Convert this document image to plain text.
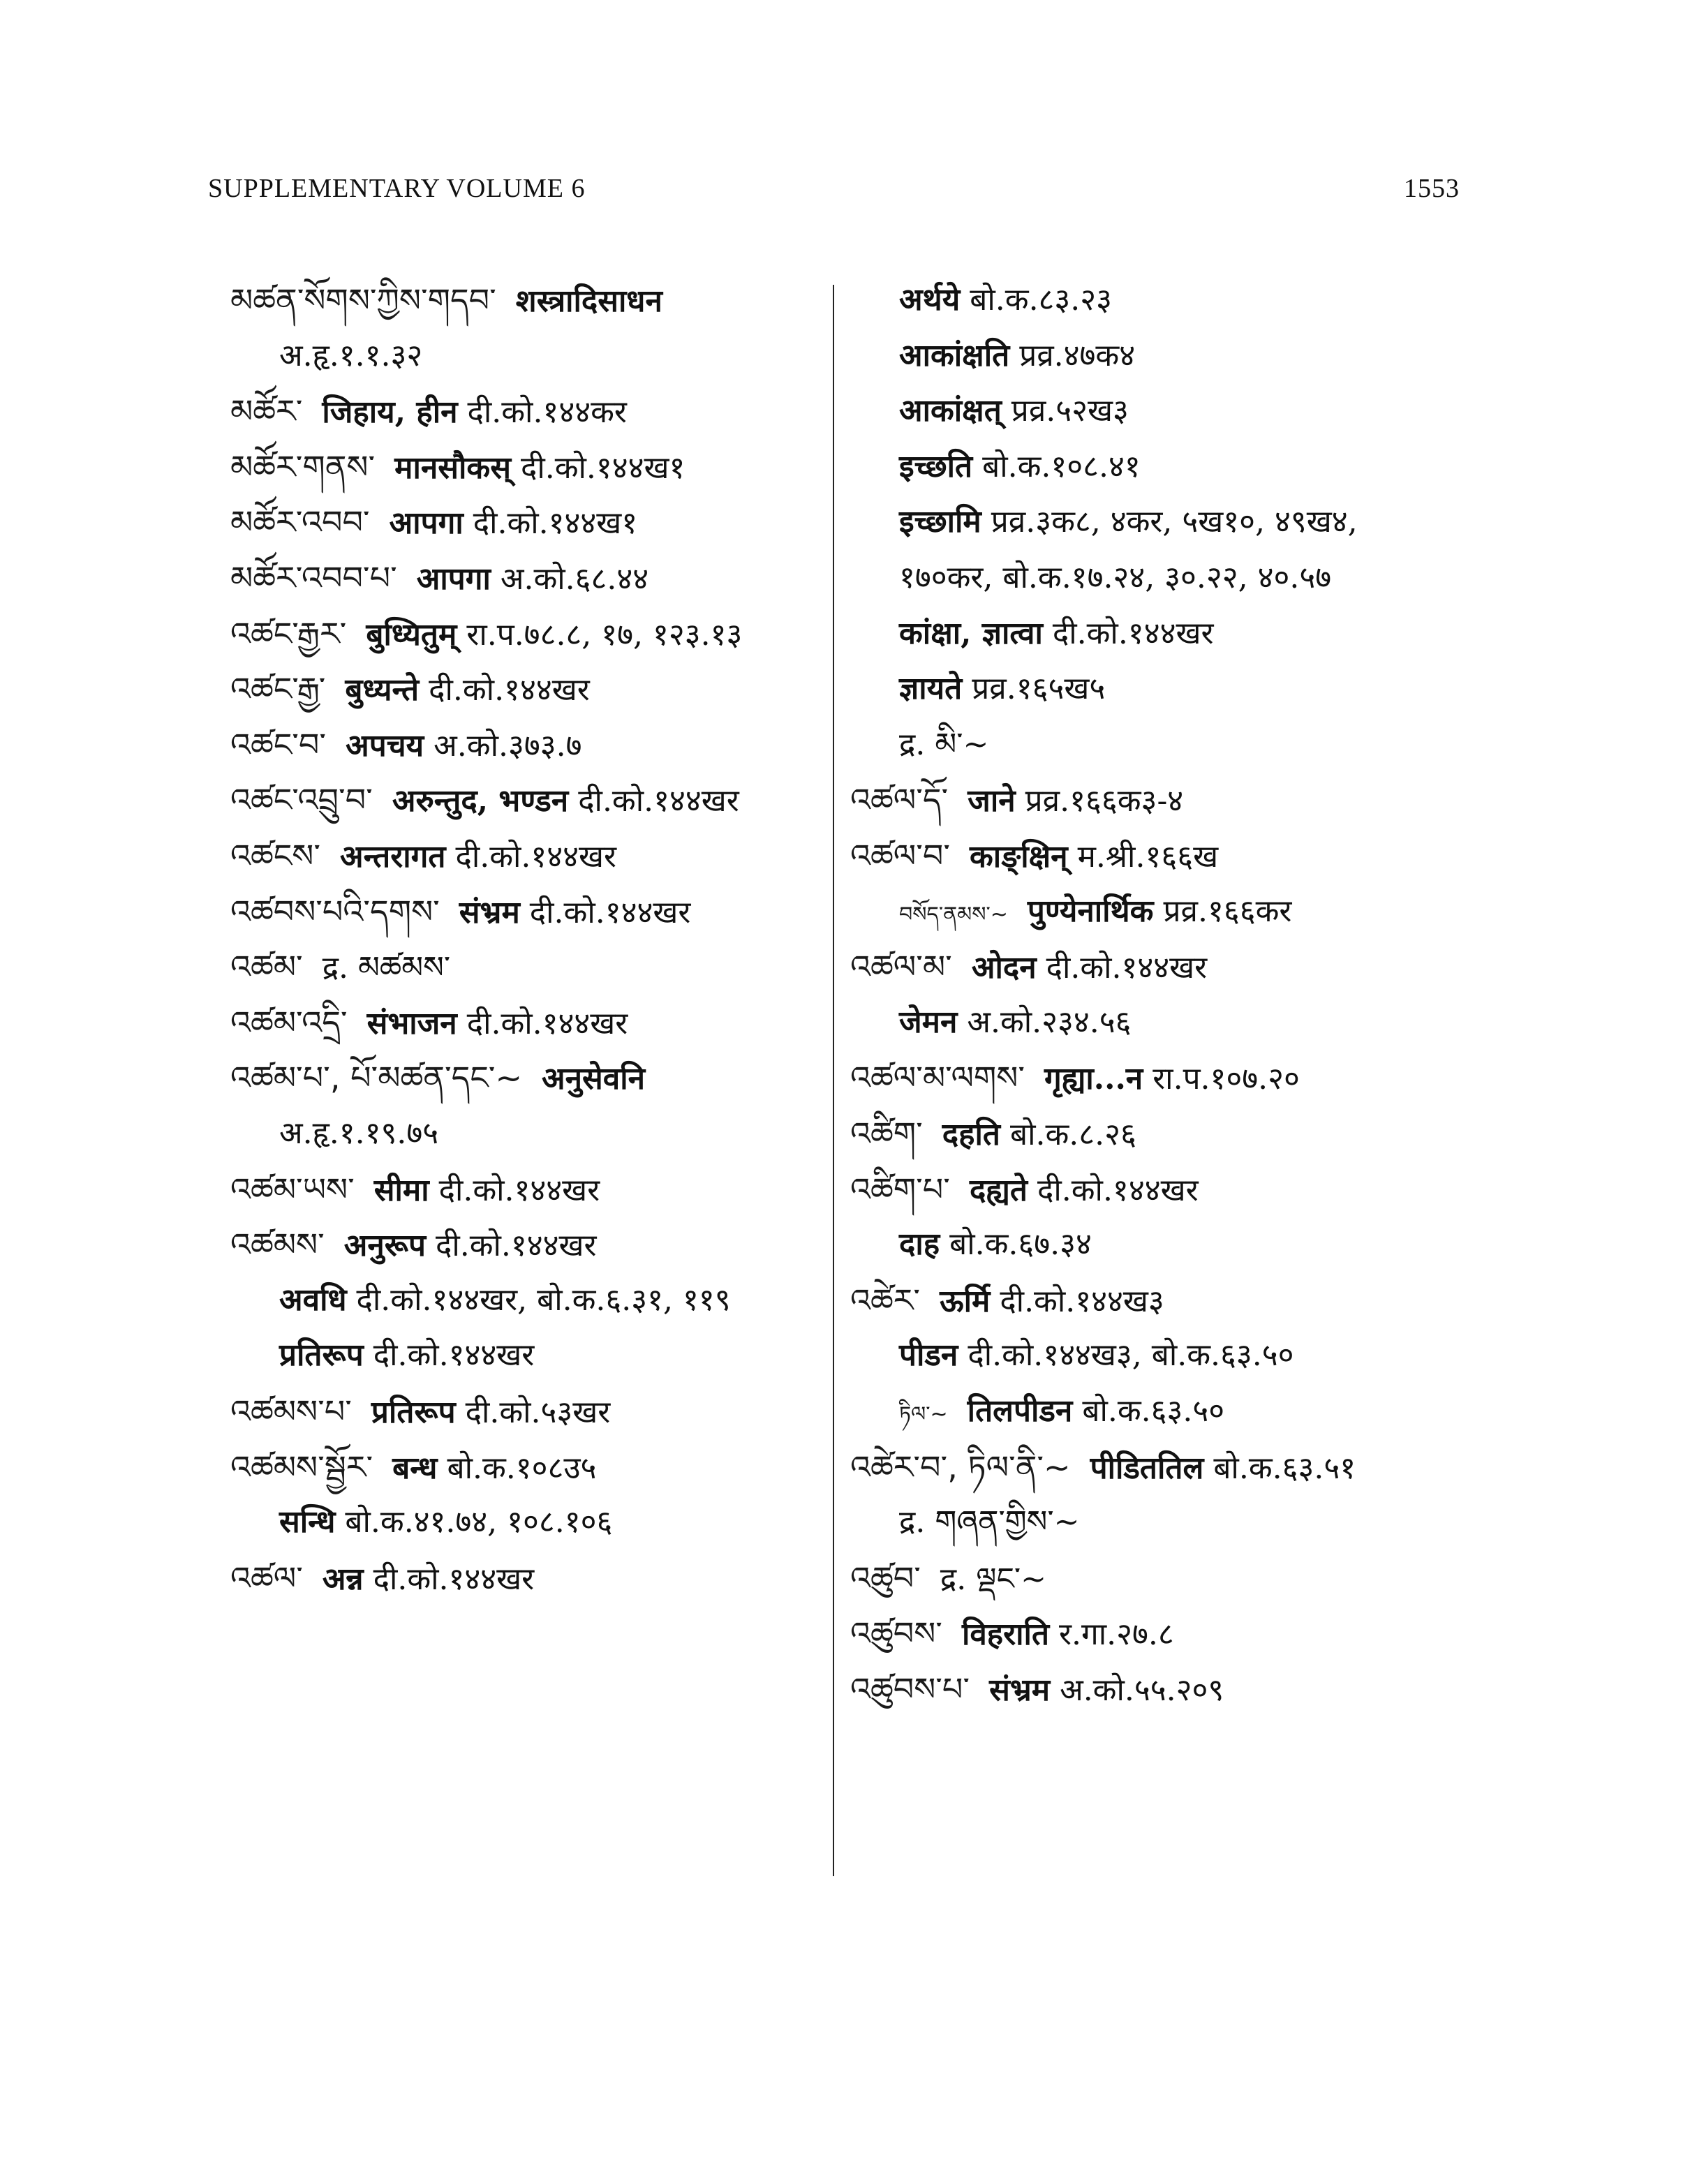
SUPPLEMENTARY VOLUME 6	1553
མཚན་སོགས་ཀྱིས་གདབ་ शस्त्रादिसाधन
अ.हृ.१.१.३२
མཚོར་ जिहाय, हीन दी.को.१४४कर
མཚོར་གནས་ मानसौकस् दी.को.१४४ख१
མཚོར་འབབ་ आपगा दी.को.१४४ख१
མཚོར་འབབ་པ་ आपगा अ.को.६८.४४
འཚང་རྒྱར་ बुध्यितुम् रा.प.७८.८, १७, १२३.१३
འཚང་རྒྱ་ बुध्यन्ते दी.को.१४४खर
འཚང་བ་ अपचय अ.को.३७३.७
འཚང་འབྲུ་བ་ अरुन्तुद, भण्डन दी.को.१४४खर
འཚངས་ अन्तरागत दी.को.१४४खर
འཚབས་པའི་དགས་ संभ्रम दी.को.१४४खर
འཚམ་ द्र. མཚམས་
འཚམ་འདྲི་ संभाजन दी.को.१४४खर
འཚམ་པ་, པོ་མཚན་དང་~ अनुसेवनि
अ.हृ.१.१९.७५
འཚམ་ཡས་ सीमा दी.को.१४४खर
འཚམས་ अनुरूप दी.को.१४४खर
अवधि दी.को.१४४खर, बो.क.६.३१, ११९
प्रतिरूप दी.को.१४४खर
འཚམས་པ་ प्रतिरूप दी.को.५३खर
འཚམས་སྦྱོར་ बन्ध बो.क.१०८उ५
सन्धि बो.क.४१.७४, १०८.१०६
འཚལ་ अन्न दी.को.१४४खर
अर्थये बो.क.८३.२३
आकांक्षति प्रव्र.४७क४
आकांक्षत् प्रव्र.५२ख३
इच्छति बो.क.१०८.४१
इच्छामि प्रव्र.३क८, ४कर, ५ख१०, ४९ख४,
१७०कर, बो.क.१७.२४, ३०.२२, ४०.५७
कांक्षा, ज्ञात्वा दी.को.१४४खर
ज्ञायते प्रव्र.१६५ख५
द्र. མི་~
འཚལ་དོ་ जाने प्रव्र.१६६क३-४
འཚལ་བ་ काङ्क्षिन् म.श्री.१६६ख
བསོད་ནམས་~ पुण्येनार्थिक प्रव्र.१६६कर
འཚལ་མ་ ओदन दी.को.१४४खर
जेमन अ.को.२३४.५६
འཚལ་མ་ལགས་ गृह्या...न रा.प.१०७.२०
འཚིག་ दहति बो.क.८.२६
འཚིག་པ་ दह्यते दी.को.१४४खर
दाह बो.क.६७.३४
འཚེར་ ऊर्मि दी.को.१४४ख३
पीडन दी.को.१४४ख३, बो.क.६३.५०
ཏིལ་~ तिलपीडन बो.क.६३.५०
འཚེར་བ་, ཏིལ་ནི་~ पीडिततिल बो.क.६३.५१
द्र. གཞན་གྱིས་~
འཚུབ་ द्र. ལྡང་~
འཚུབས་ विहराति र.गा.२७.८
འཚུབས་པ་ संभ्रम अ.को.५५.२०९
